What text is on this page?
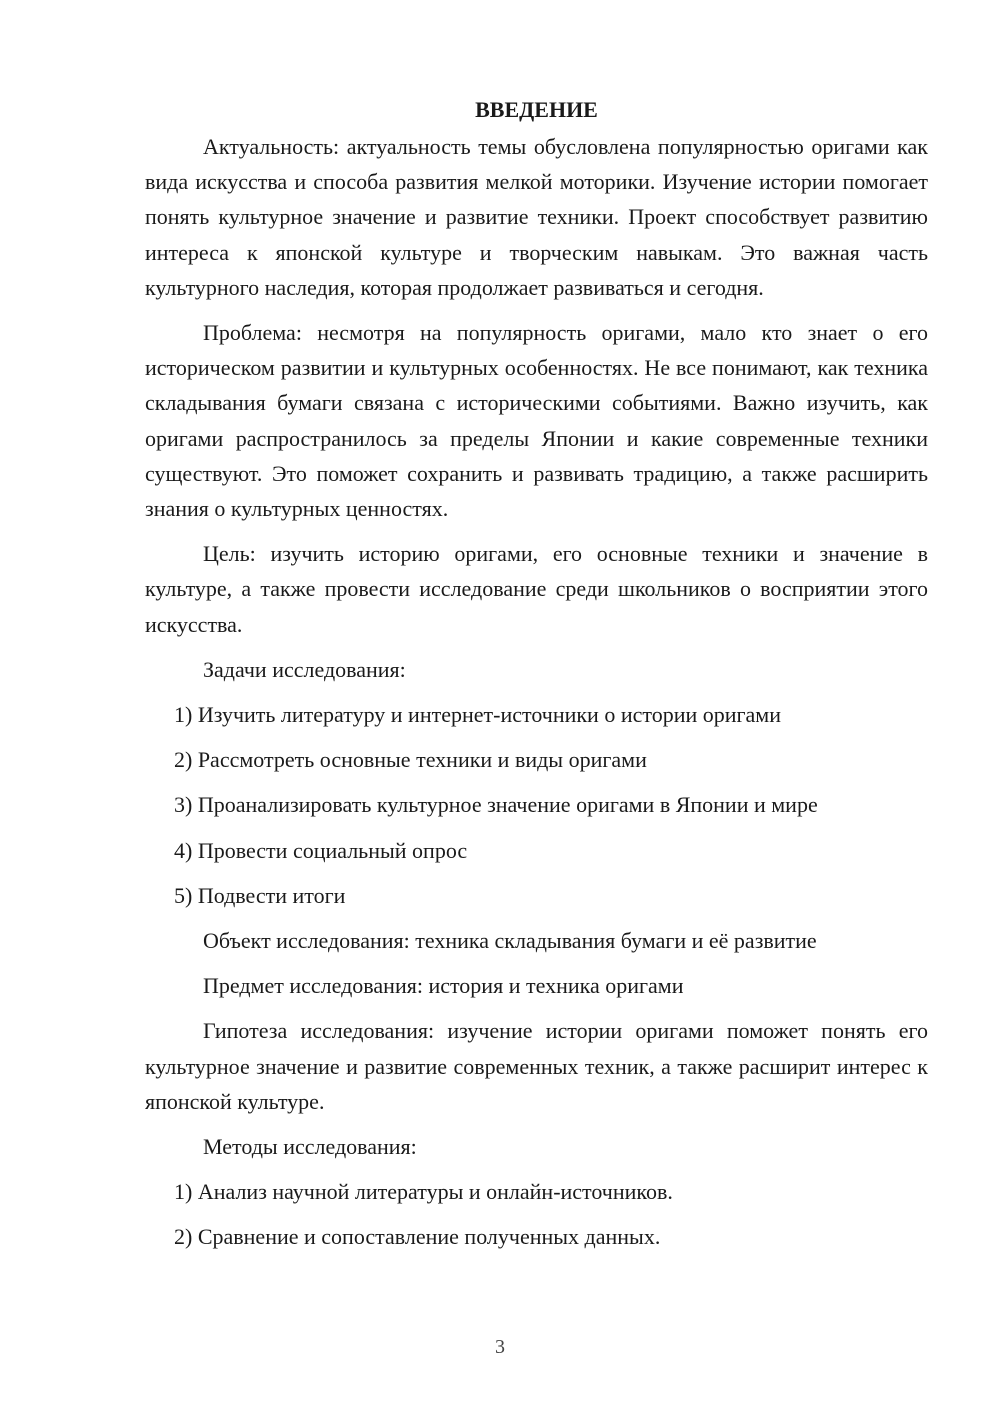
ВВЕДЕНИЕ

Актуальность: актуальность темы обусловлена популярностью оригами как вида искусства и способа развития мелкой моторики. Изучение истории помогает понять культурное значение и развитие техники. Проект способствует развитию интереса к японской культуре и творческим навыкам. Это важная часть культурного наследия, которая продолжает развиваться и сегодня.

Проблема: несмотря на популярность оригами, мало кто знает о его историческом развитии и культурных особенностях. Не все понимают, как техника складывания бумаги связана с историческими событиями. Важно изучить, как оригами распространилось за пределы Японии и какие современные техники существуют. Это поможет сохранить и развивать традицию, а также расширить знания о культурных ценностях.

Цель: изучить историю оригами, его основные техники и значение в культуре, а также провести исследование среди школьников о восприятии этого искусства.

Задачи исследования:
1) Изучить литературу и интернет-источники о истории оригами
2) Рассмотреть основные техники и виды оригами
3) Проанализировать культурное значение оригами в Японии и мире
4) Провести социальный опрос
5) Подвести итоги
Объект исследования: техника складывания бумаги и её развитие
Предмет исследования: история и техника оригами

Гипотеза исследования: изучение истории оригами поможет понять его культурное значение и развитие современных техник, а также расширит интерес к японской культуре.

Методы исследования:
1) Анализ научной литературы и онлайн-источников.
2) Сравнение и сопоставление полученных данных.
3
